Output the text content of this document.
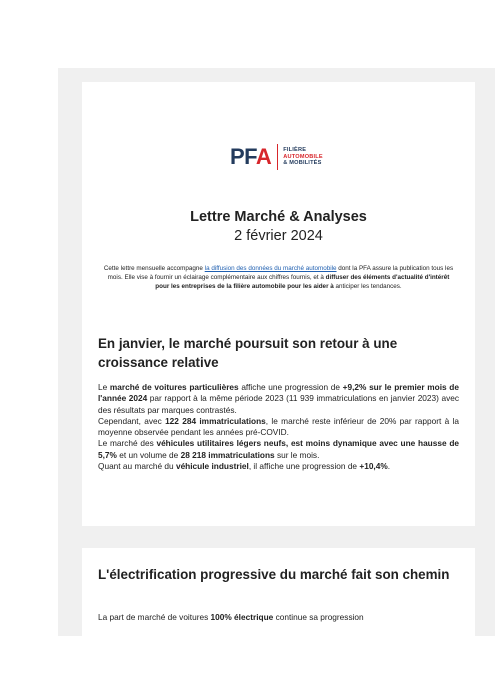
PFA FILIÈRE
AUTOMOBILE
& MOBILITÉS
Lettre Marché & Analyses
2 février 2024
Cette lettre mensuelle accompagne la diffusion des données du marché automobile dont la PFA assure la publication tous les mois. Elle vise à fournir un éclairage complémentaire aux chiffres fournis, et à diffuser des éléments d'actualité d'intérêt pour les entreprises de la filière automobile pour les aider à anticiper les tendances.
En janvier, le marché poursuit son retour à une croissance relative

Le marché de voitures particulières affiche une progression de +9,2% sur le premier mois de l'année 2024 par rapport à la même période 2023 (11 939 immatriculations en janvier 2023) avec des résultats par marques contrastés.

Cependant, avec 122 284 immatriculations, le marché reste inférieur de 20% par rapport à la moyenne observée pendant les années pré-COVID.

Le marché des véhicules utilitaires légers neufs, est moins dynamique avec une hausse de 5,7% et un volume de 28 218 immatriculations sur le mois.

Quant au marché du véhicule industriel, il affiche une progression de +10,4%.

L'électrification progressive du marché fait son chemin
La part de marché de voitures 100% électrique continue sa progression
